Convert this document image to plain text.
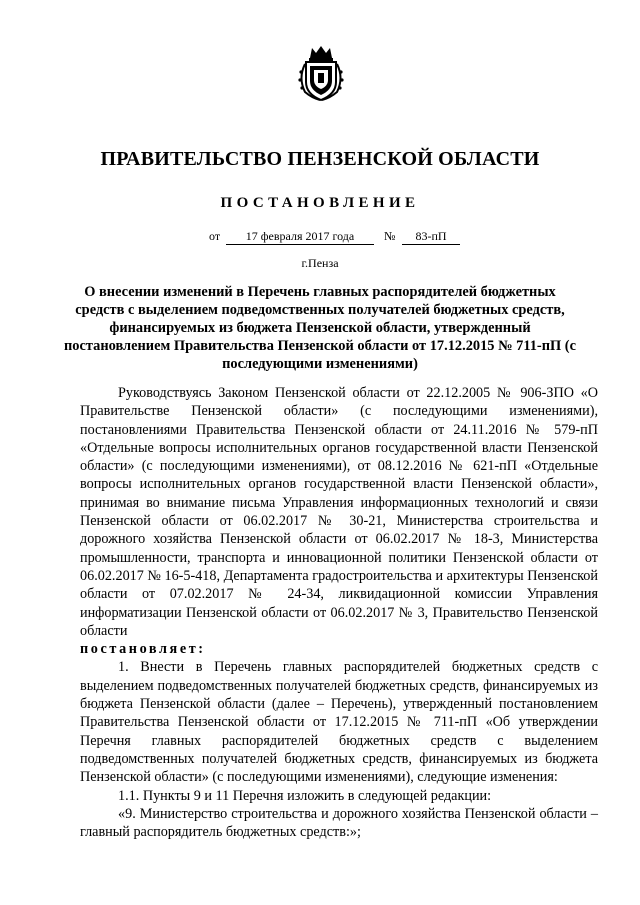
ПРАВИТЕЛЬСТВО ПЕНЗЕНСКОЙ ОБЛАСТИ
ПОСТАНОВЛЕНИЕ
от	17 февраля 2017 года	№	83-пП
г.Пенза
О внесении изменений в Перечень главных распорядителей бюджетных средств с выделением подведомственных получателей бюджетных средств, финансируемых из бюджета Пензенской области, утвержденный постановлением Правительства Пензенской области от 17.12.2015 № 711-пП (с последующими изменениями)

Руководствуясь Законом Пензенской области от 22.12.2005 № 906-ЗПО «О Правительстве Пензенской области» (с последующими изменениями), постановлениями Правительства Пензенской области от 24.11.2016 № 579-пП «Отдельные вопросы исполнительных органов государственной власти Пензенской области» (с последующими изменениями), от 08.12.2016 № 621-пП «Отдельные вопросы исполнительных органов государственной власти Пензенской области», принимая во внимание письма Управления информационных технологий и связи Пензенской области от 06.02.2017 № 30-21, Министерства строительства и дорожного хозяйства Пензенской области от 06.02.2017 № 18-3, Министерства промышленности, транспорта и инновационной политики Пензенской области от 06.02.2017 № 16-5-418, Департамента градостроительства и архитектуры Пензенской области от 07.02.2017 № 24-34, ликвидационной комиссии Управления информатизации Пензенской области от 06.02.2017 № 3, Правительство Пензенской области

постановляет:

1. Внести в Перечень главных распорядителей бюджетных средств с выделением подведомственных получателей бюджетных средств, финансируемых из бюджета Пензенской области (далее – Перечень), утвержденный постановлением Правительства Пензенской области от 17.12.2015 № 711-пП «Об утверждении Перечня главных распорядителей бюджетных средств с выделением подведомственных получателей бюджетных средств, финансируемых из бюджета Пензенской области» (с последующими изменениями), следующие изменения:

1.1. Пункты 9 и 11 Перечня изложить в следующей редакции:

«9. Министерство строительства и дорожного хозяйства Пензенской области – главный распорядитель бюджетных средств:»;
